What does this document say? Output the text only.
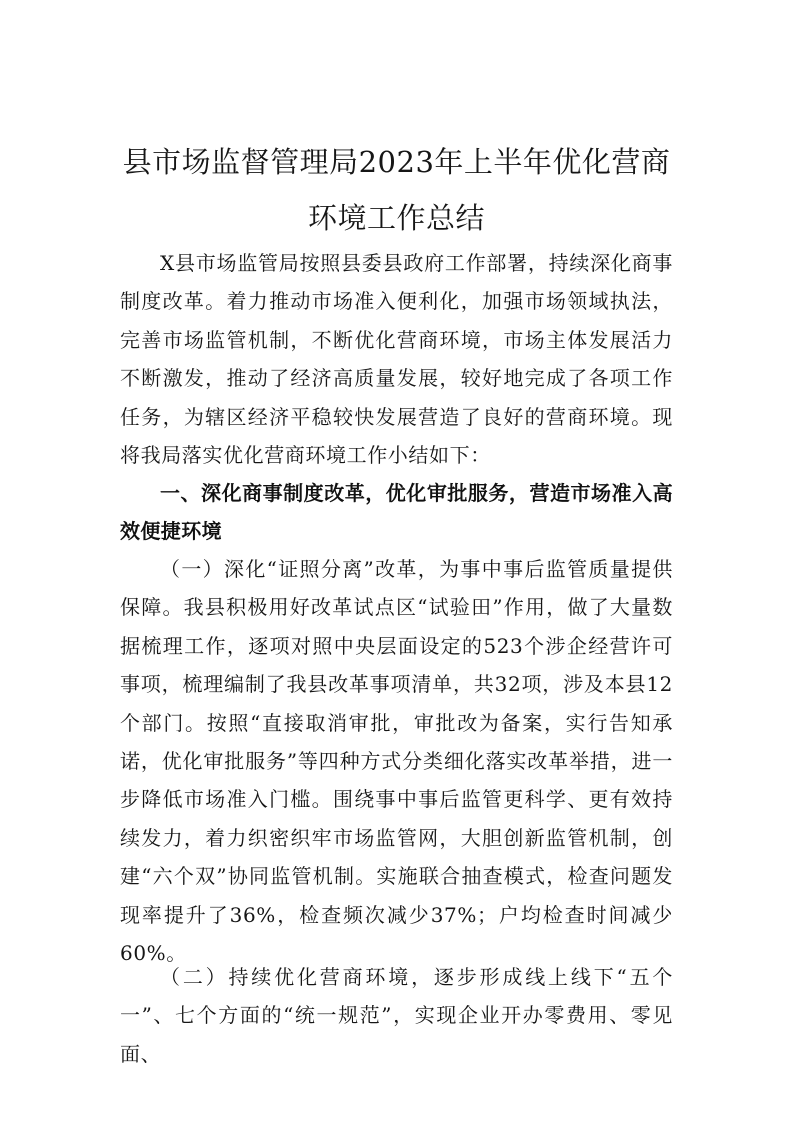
县市场监督管理局2023年上半年优化营商
环境工作总结

X县市场监管局按照县委县政府工作部署，持续深化商事制度改革。着力推动市场准入便利化，加强市场领域执法，完善市场监管机制，不断优化营商环境，市场主体发展活力不断激发，推动了经济高质量发展，较好地完成了各项工作任务，为辖区经济平稳较快发展营造了良好的营商环境。现将我局落实优化营商环境工作小结如下：

一、深化商事制度改革，优化审批服务，营造市场准入高效便捷环境

（一）深化“证照分离”改革，为事中事后监管质量提供保障。我县积极用好改革试点区“试验田”作用，做了大量数据梳理工作，逐项对照中央层面设定的523个涉企经营许可事项，梳理编制了我县改革事项清单，共32项，涉及本县12个部门。按照“直接取消审批，审批改为备案，实行告知承诺，优化审批服务”等四种方式分类细化落实改革举措，进一步降低市场准入门槛。围绕事中事后监管更科学、更有效持续发力，着力织密织牢市场监管网，大胆创新监管机制，创建“六个双”协同监管机制。实施联合抽查模式，检查问题发现率提升了36%，检查频次减少37%；户均检查时间减少60%。

（二）持续优化营商环境，逐步形成线上线下“五个一”、七个方面的“统一规范”，实现企业开办零费用、零见面、
